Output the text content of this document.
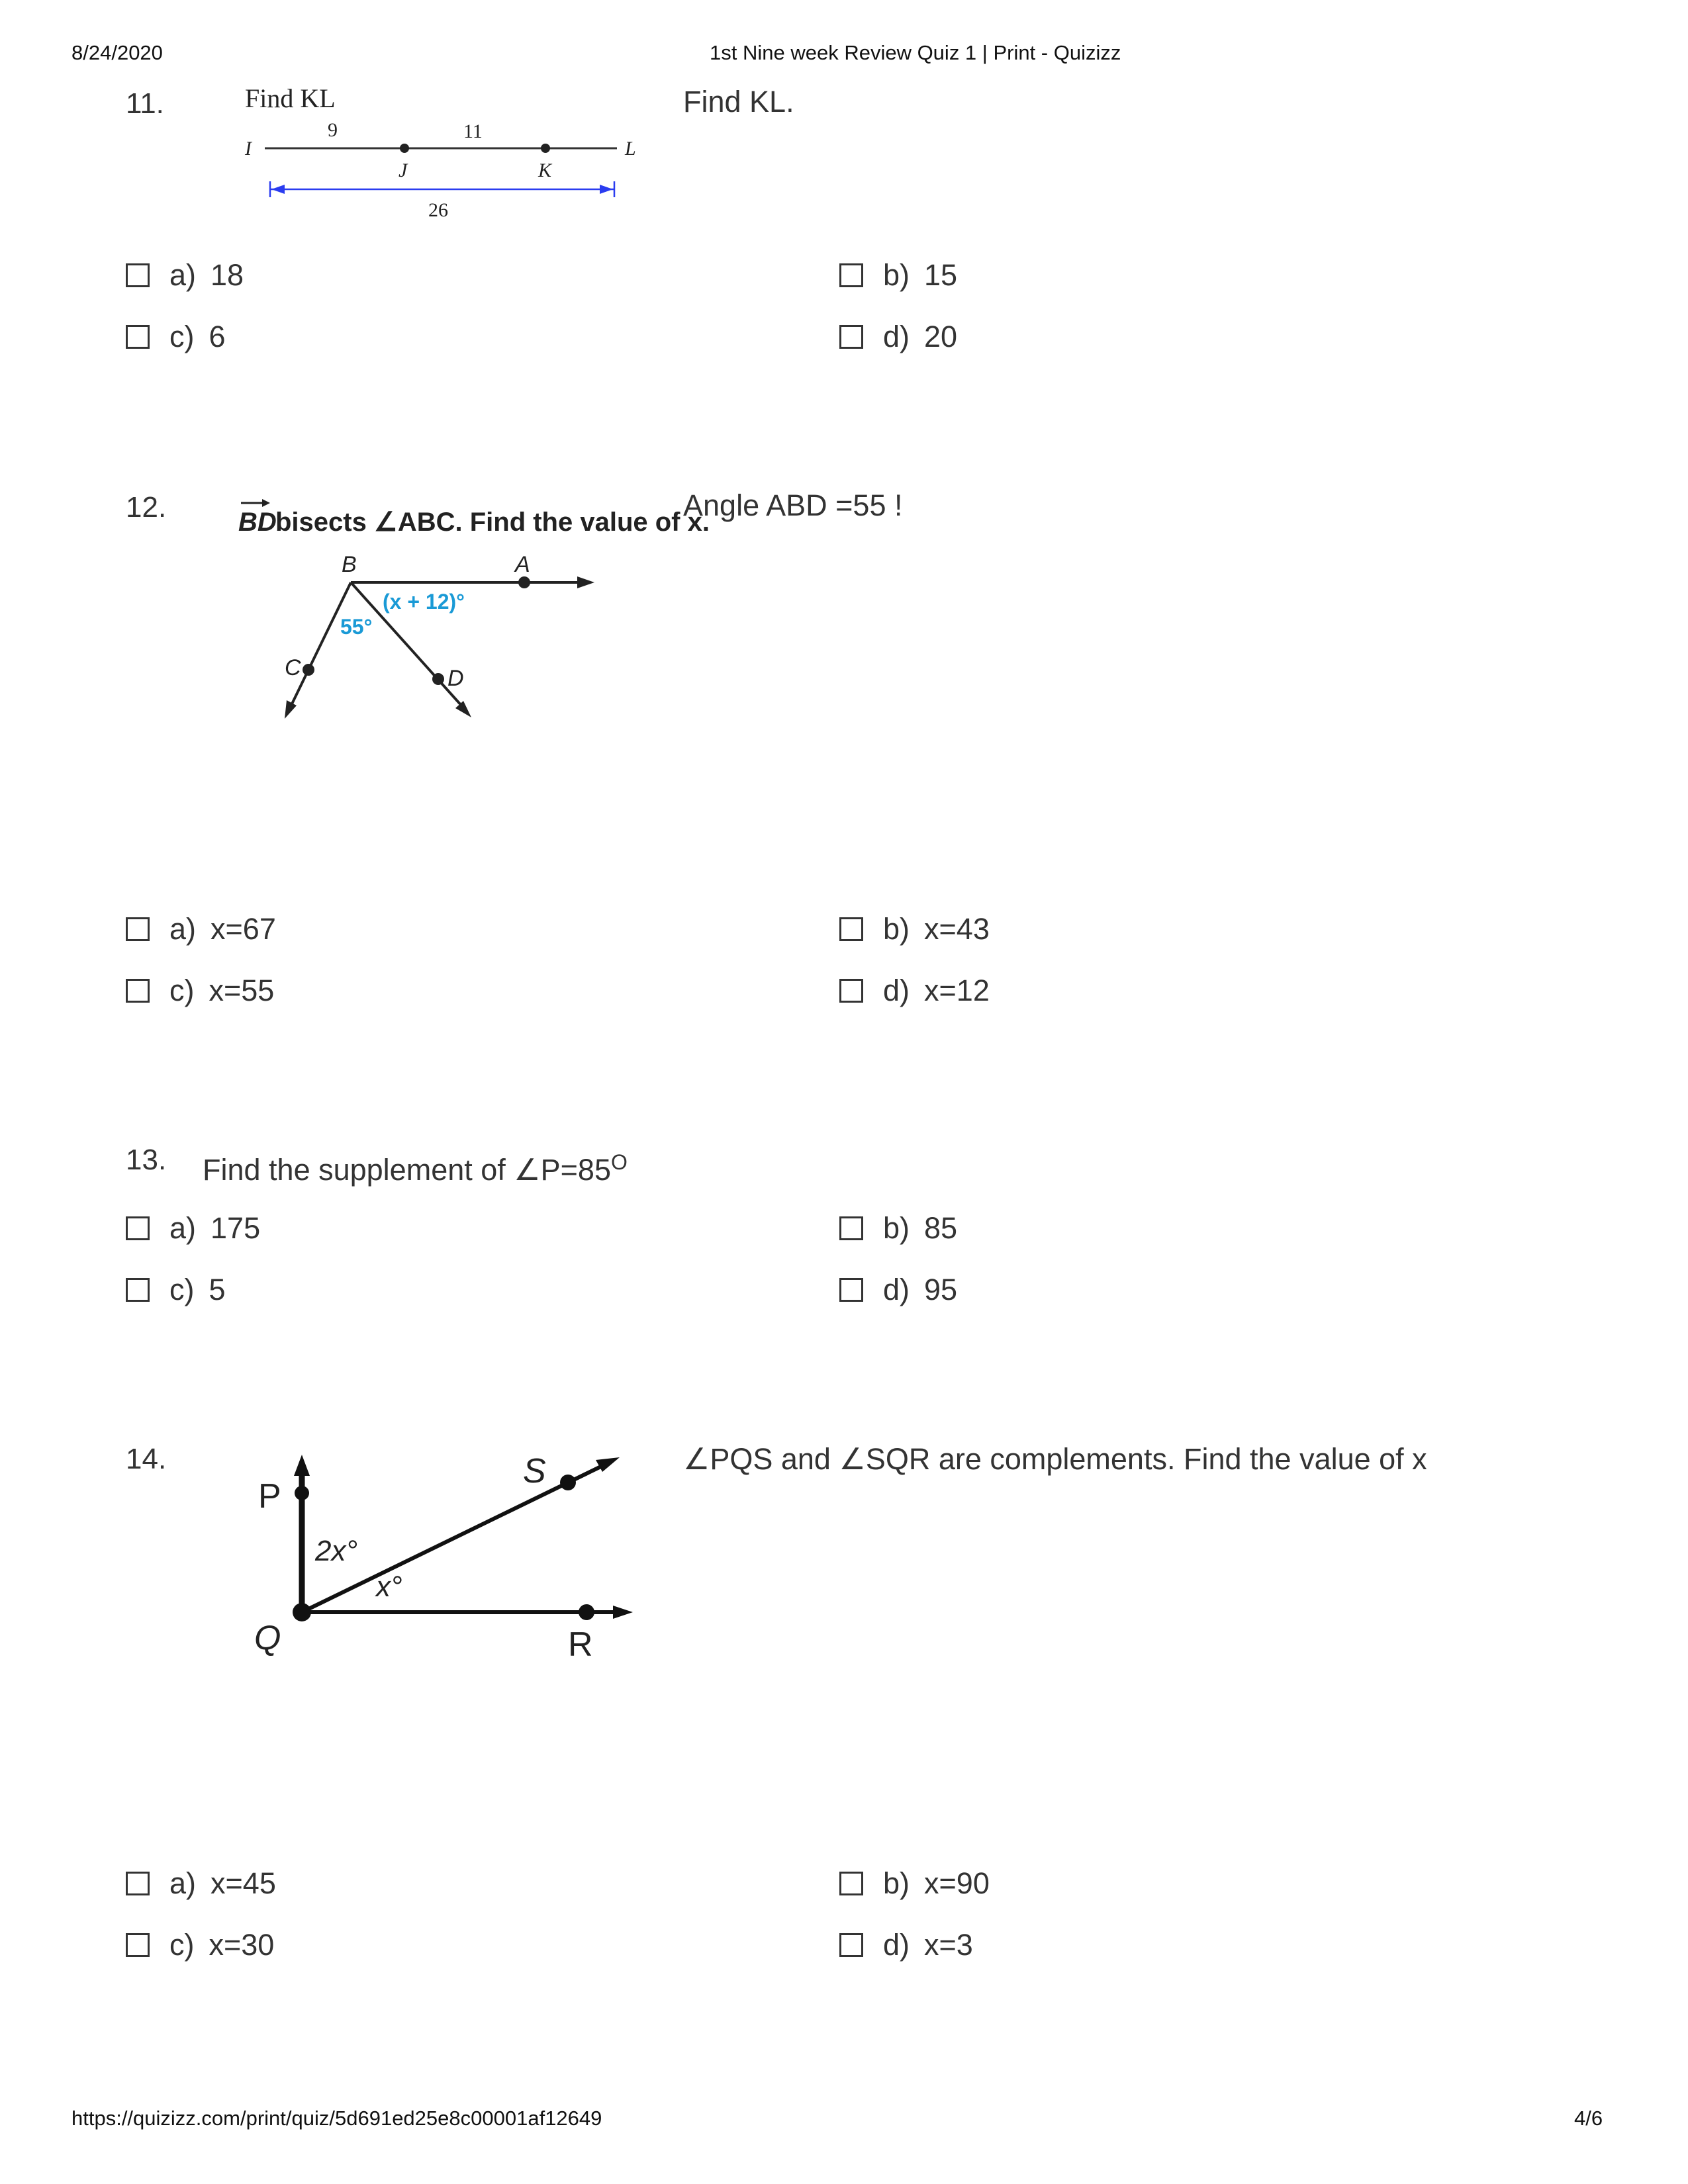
8/24/2020	1st Nine week Review Quiz 1 | Print - Quizizz
11.	Find KL
I
J	K
L
9	11
26
Find KL.
a) 18	b) 15
c) 6	d) 20
12.	BD
bisects ∠ABC. Find the value of x.
B	A
C	D
(x + 12)°
55°
Angle ABD =55 !
a) x=67	b) x=43
c) x=55	d) x=12
13. Find the supplement of $\angle P=85^O$
a) 175	b) 85
c) 5	d) 95
14.
P
Q	R
S
2x°
x°
∠PQS and ∠SQR are complements. Find the value of x
a) x=45	b) x=90
c) x=30	d) x=3
https://quizizz.com/print/quiz/5d691ed25e8c00001af12649	4/6
